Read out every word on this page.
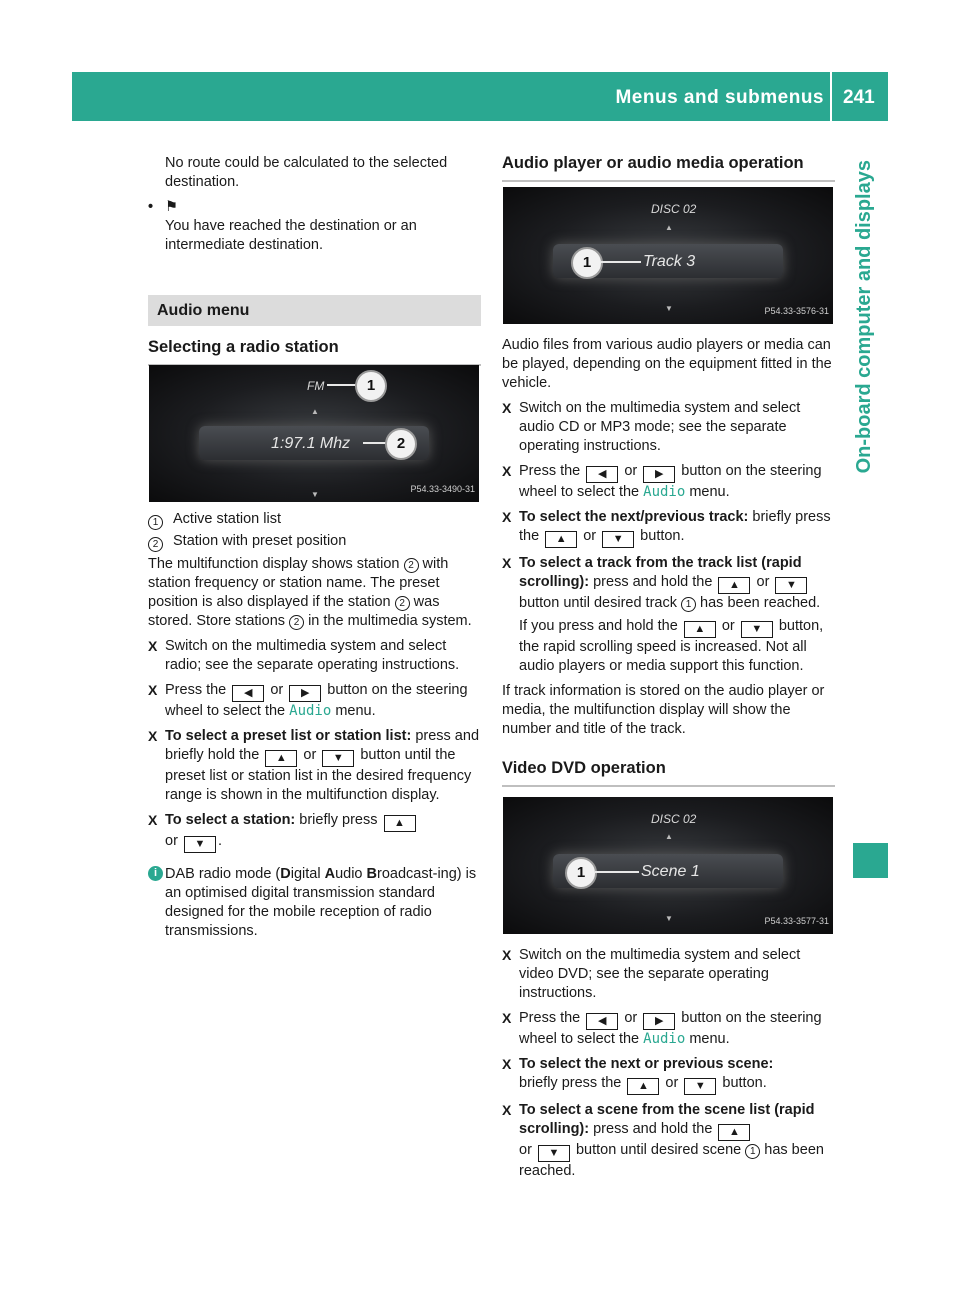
Menus and submenus 241
On-board computer and displays

No route could be calculated to the selected destination.

• ⚑
You have reached the destination or an intermediate destination.
Audio menu
Selecting a radio station
FM
▲
1:97.1 Mhz
▼
1
2
P54.33-3490-31
1	Active station list
2	Station with preset position

The multifunction display shows station 2 with station frequency or station name. The preset position is also displayed if the station 2 was stored. Store stations 2 in the multimedia system.

X Switch on the multimedia system and select radio; see the separate operating instructions.
X Press the ◀ or ▶ button on the steering wheel to select the Audio menu.
X To select a preset list or station list: press and briefly hold the ▲ or ▼ button until the preset list or station list in the desired frequency range is shown in the multifunction display.
X To select a station: briefly press ▲
or ▼ .
i DAB radio mode (Digital Audio Broadcast-ing) is an optimised digital transmission standard designed for the mobile reception of radio transmissions.
Audio player or audio media operation
DISC 02
▲
Track 3
▼
1
P54.33-3576-31

Audio files from various audio players or media can be played, depending on the equipment fitted in the vehicle.

X Switch on the multimedia system and select audio CD or MP3 mode; see the separate operating instructions.
X Press the ◀ or ▶ button on the steering wheel to select the Audio menu.
X To select the next/previous track: briefly press the ▲ or ▼ button.
X To select a track from the track list (rapid scrolling): press and hold the ▲ or ▼ button until desired track 1 has been reached.
If you press and hold the ▲ or ▼ button, the rapid scrolling speed is increased. Not all audio players or media support this function.

If track information is stored on the audio player or media, the multifunction display will show the number and title of the track.

Video DVD operation
DISC 02
▲
Scene 1
▼
1
P54.33-3577-31
X Switch on the multimedia system and select video DVD; see the separate operating instructions.
X Press the ◀ or ▶ button on the steering wheel to select the Audio menu.
X To select the next or previous scene:
briefly press the ▲ or ▼ button.
X To select a scene from the scene list (rapid scrolling): press and hold the ▲
or ▼ button until desired scene 1 has been reached.
